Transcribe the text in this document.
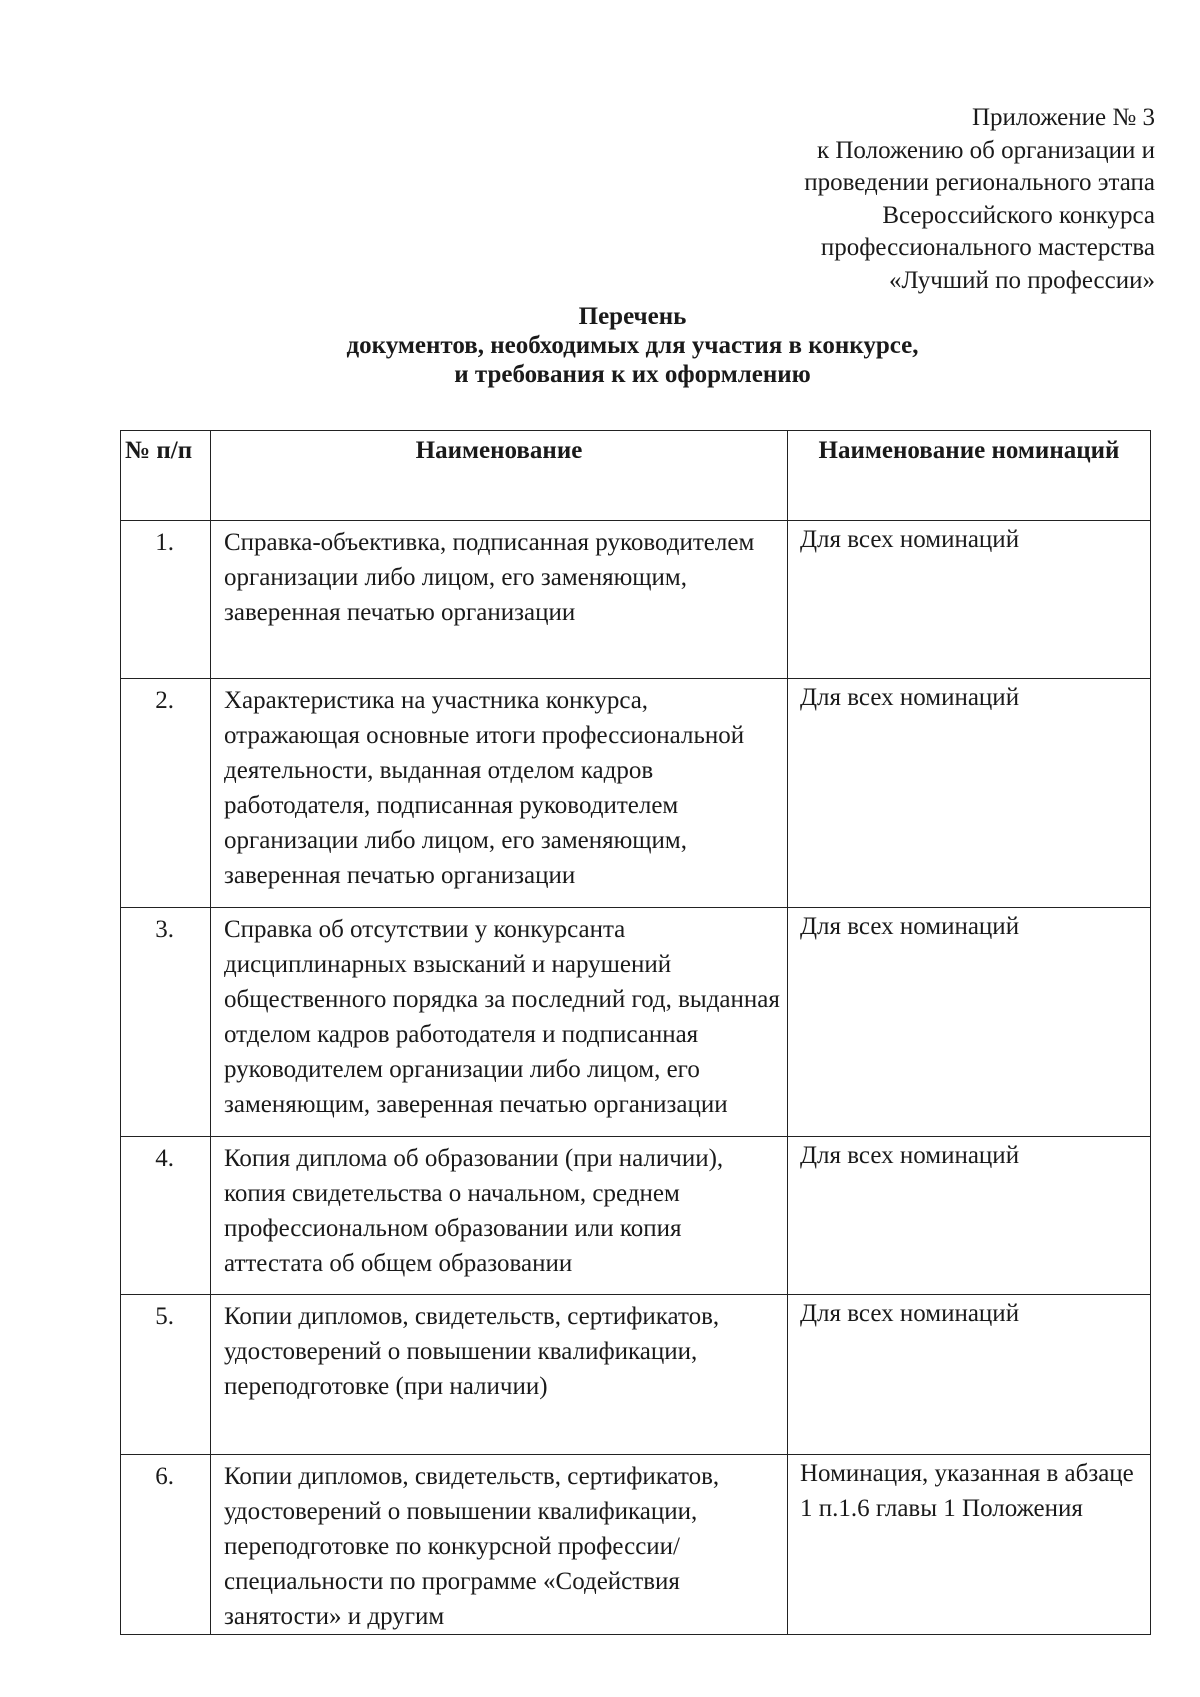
Приложение № 3
к Положению об организации и
проведении регионального этапа
Всероссийского конкурса
профессионального мастерства
«Лучший по профессии»
Перечень
документов, необходимых для участия в конкурсе,
и требования к их оформлению
№ п/п	Наименование	Наименование номинаций
1.	Справка-объективка, подписанная руководителем организации либо лицом, его заменяющим, заверенная печатью организации	Для всех номинаций
2.	Характеристика на участника конкурса, отражающая основные итоги профессиональной деятельности, выданная отделом кадров работодателя, подписанная руководителем организации либо лицом, его заменяющим, заверенная печатью организации	Для всех номинаций
3.	Справка об отсутствии у конкурсанта дисциплинарных взысканий и нарушений общественного порядка за последний год, выданная отделом кадров работодателя и подписанная руководителем организации либо лицом, его заменяющим, заверенная печатью организации	Для всех номинаций
4.	Копия диплома об образовании (при наличии), копия свидетельства о начальном, среднем профессиональном образовании или копия аттестата об общем образовании	Для всех номинаций
5.	Копии дипломов, свидетельств, сертификатов, удостоверений о повышении квалификации, переподготовке (при наличии)	Для всех номинаций
6.	Копии дипломов, свидетельств, сертификатов, удостоверений о повышении квалификации, переподготовке по конкурсной профессии/специальности по программе «Содействия занятости» и другим	Номинация, указанная в абзаце 1 п.1.6 главы 1 Положения
